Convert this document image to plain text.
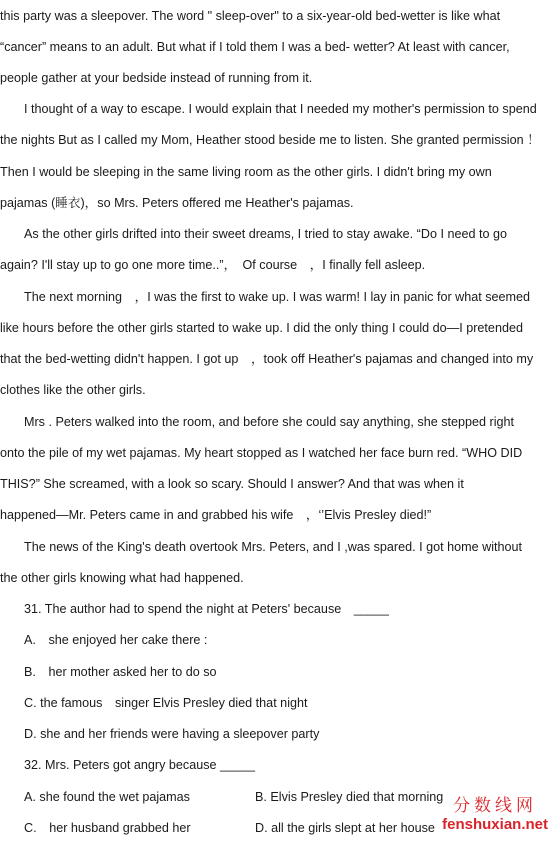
this party was a sleepover. The word " sleep-over" to a six-year-old bed-wetter is like what
“cancer” means to an adult. But what if I told them I was a bed- wetter? At least with cancer,
people gather at your bedside instead of running from it.
I thought of a way to escape. I would explain that I needed my mother's permission to spend
the nights But as I called my Mom, Heather stood beside me to listen. She granted permission ！
Then I would be sleeping in the same living room as the other girls. I didn't bring my own
pajamas (睡衣)，so Mrs. Peters offered me Heather's pajamas.
As the other girls drifted into their sweet dreams, I tried to stay awake. “Do I need to go
again? I'll stay up to go one more time..”，　Of course　，I finally fell asleep.
The next morning　，I was the first to wake up. I was warm! I lay in panic for what seemed
like hours before the other girls started to wake up. I did the only thing I could do—I pretended
that the bed-wetting didn't happen. I got up　，took off Heather's pajamas and changed into my
clothes like the other girls.
Mrs . Peters walked into the room, and before she could say anything, she stepped right
onto the pile of my wet pajamas. My heart stopped as I watched her face burn red. “WHO DID
THIS?” She screamed, with a look so scary. Should I answer? And that was when it
happened—Mr. Peters came in and grabbed his wife　，‘’Elvis Presley died!”
The news of the King's death overtook Mrs. Peters, and I ,was spared. I got home without
the other girls knowing what had happened.
31. The author had to spend the night at Peters' because　_____
A.　she enjoyed her cake there :
B.　her mother asked her to do so
C. the famous　singer Elvis Presley died that night
D. she and her friends were having a sleepover party
32. Mrs. Peters got angry because _____
A. she found the wet pajamas	B. Elvis Presley died that morning
C.　her husband grabbed her	D. all the girls slept at her house
分数线网
fenshuxian.net
